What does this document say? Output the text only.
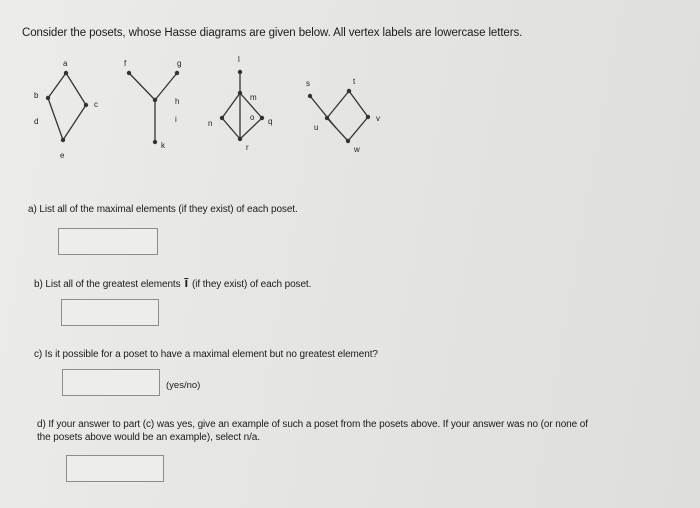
Consider the posets, whose Hasse diagrams are given below. All vertex labels are lowercase letters.
a
b
c
d
e
f	g
h
i
k
l
m
n
o q
r
s	t
u
v
w
a) List all of the maximal elements (if they exist) of each poset.
b) List all of the greatest elements ī (if they exist) of each poset.
c) Is it possible for a poset to have a maximal element but no greatest element?
(yes/no)
d) If your answer to part (c) was yes, give an example of such a poset from the posets above. If your answer was no (or none of
the posets above would be an example), select n/a.
